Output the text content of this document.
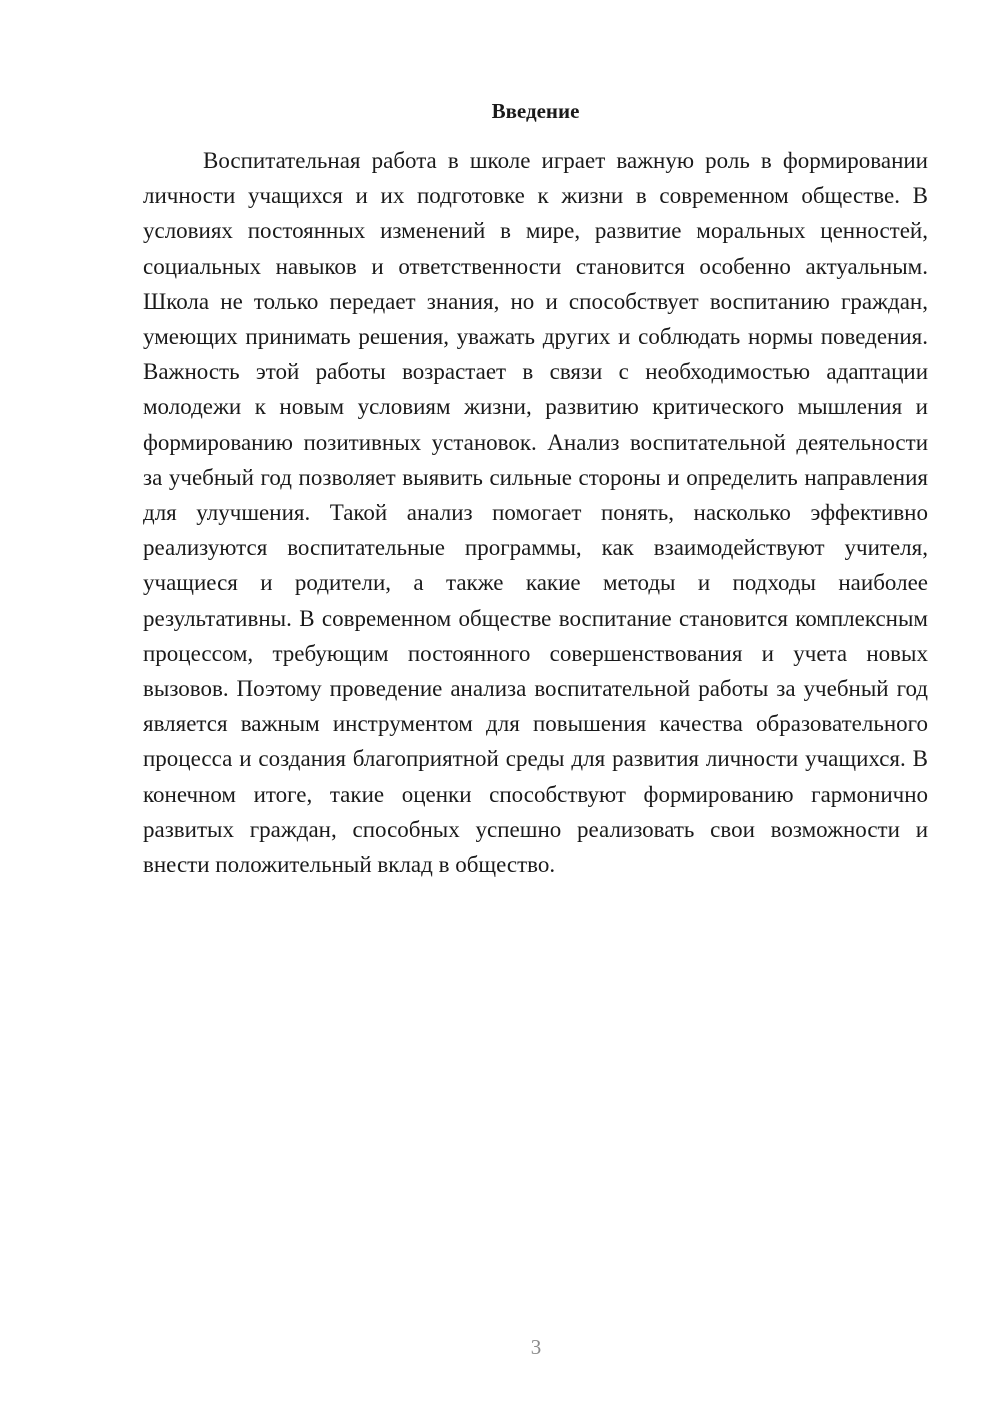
Введение

Воспитательная работа в школе играет важную роль в формировании личности учащихся и их подготовке к жизни в современном обществе. В условиях постоянных изменений в мире, развитие моральных ценностей, социальных навыков и ответственности становится особенно актуальным. Школа не только передает знания, но и способствует воспитанию граждан, умеющих принимать решения, уважать других и соблюдать нормы поведения. Важность этой работы возрастает в связи с необходимостью адаптации молодежи к новым условиям жизни, развитию критического мышления и формированию позитивных установок. Анализ воспитательной деятельности за учебный год позволяет выявить сильные стороны и определить направления для улучшения. Такой анализ помогает понять, насколько эффективно реализуются воспитательные программы, как взаимодействуют учителя, учащиеся и родители, а также какие методы и подходы наиболее результативны. В современном обществе воспитание становится комплексным процессом, требующим постоянного совершенствования и учета новых вызовов. Поэтому проведение анализа воспитательной работы за учебный год является важным инструментом для повышения качества образовательного процесса и создания благоприятной среды для развития личности учащихся. В конечном итоге, такие оценки способствуют формированию гармонично развитых граждан, способных успешно реализовать свои возможности и внести положительный вклад в общество.

3
